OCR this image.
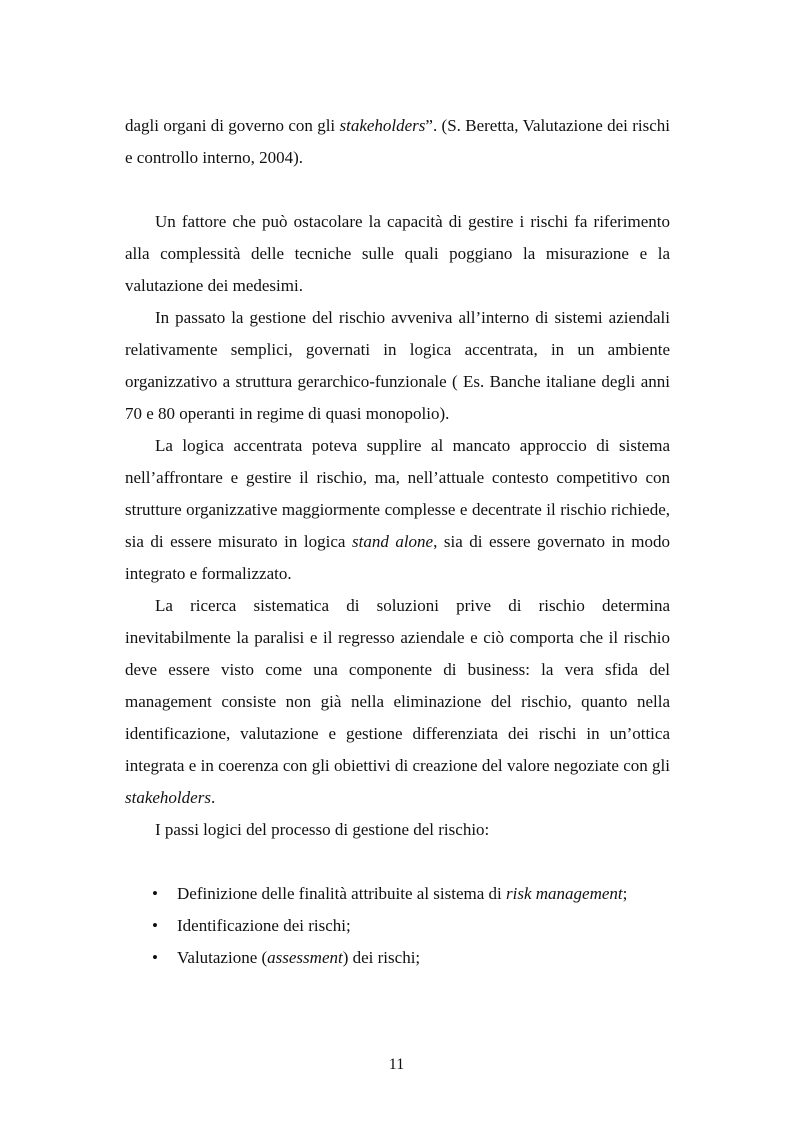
dagli organi di governo con gli stakeholders”. (S. Beretta, Valutazione dei rischi e controllo interno, 2004).

Un fattore che può ostacolare la capacità di gestire i rischi fa riferimento alla complessità delle tecniche sulle quali poggiano la misurazione e la valutazione dei medesimi.

In passato la gestione del rischio avveniva all’interno di sistemi aziendali relativamente semplici, governati in logica accentrata, in un ambiente organizzativo a struttura gerarchico-funzionale ( Es. Banche italiane degli anni 70 e 80 operanti in regime di quasi monopolio).

La logica accentrata poteva supplire al mancato approccio di sistema nell’affrontare e gestire il rischio, ma, nell’attuale contesto competitivo con strutture organizzative maggiormente complesse e decentrate il rischio richiede, sia di essere misurato in logica stand alone, sia di essere governato in modo integrato e formalizzato.

La ricerca sistematica di soluzioni prive di rischio determina inevitabilmente la paralisi e il regresso aziendale e ciò comporta che il rischio deve essere visto come una componente di business: la vera sfida del management consiste non già nella eliminazione del rischio, quanto nella identificazione, valutazione e gestione differenziata dei rischi in un’ottica integrata e in coerenza con gli obiettivi di creazione del valore negoziate con gli stakeholders.

I passi logici del processo di gestione del rischio:

• Definizione delle finalità attribuite al sistema di risk management;
• Identificazione dei rischi;
• Valutazione (assessment) dei rischi;
11
